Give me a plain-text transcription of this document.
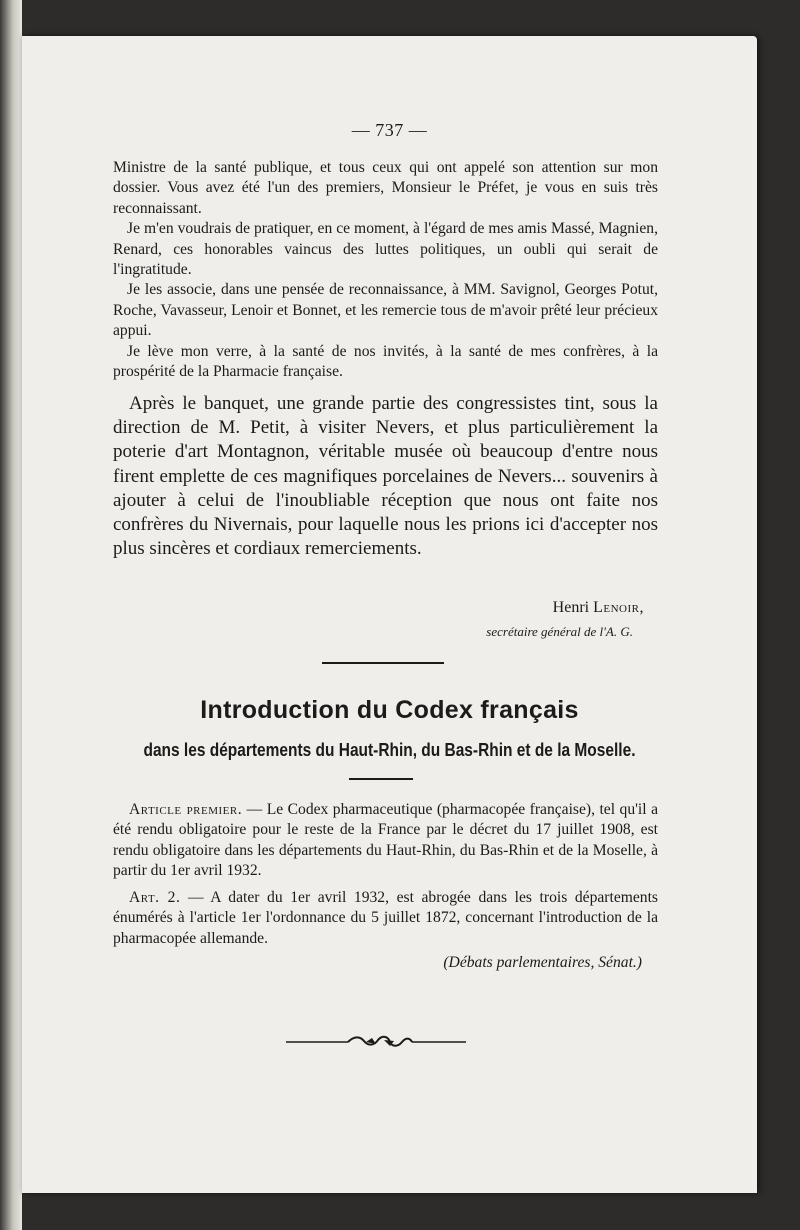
— 737 —

Ministre de la santé publique, et tous ceux qui ont appelé son attention sur mon dossier. Vous avez été l'un des premiers, Monsieur le Préfet, je vous en suis très reconnaissant.

Je m'en voudrais de pratiquer, en ce moment, à l'égard de mes amis Massé, Magnien, Renard, ces honorables vaincus des luttes politiques, un oubli qui serait de l'ingratitude.

Je les associe, dans une pensée de reconnaissance, à MM. Savignol, Georges Potut, Roche, Vavasseur, Lenoir et Bonnet, et les remercie tous de m'avoir prêté leur précieux appui.

Je lève mon verre, à la santé de nos invités, à la santé de mes confrères, à la prospérité de la Pharmacie française.

Après le banquet, une grande partie des congressistes tint, sous la direction de M. Petit, à visiter Nevers, et plus particulièrement la poterie d'art Montagnon, véritable musée où beaucoup d'entre nous firent emplette de ces magnifiques porcelaines de Nevers... souvenirs à ajouter à celui de l'inoubliable réception que nous ont faite nos confrères du Nivernais, pour laquelle nous les prions ici d'accepter nos plus sincères et cordiaux remerciements.

Henri Lenoir,
secrétaire général de l'A. G.
Introduction du Codex français
dans les départements du Haut-Rhin, du Bas-Rhin et de la Moselle.

Article premier. — Le Codex pharmaceutique (pharmacopée française), tel qu'il a été rendu obligatoire pour le reste de la France par le décret du 17 juillet 1908, est rendu obligatoire dans les départements du Haut-Rhin, du Bas-Rhin et de la Moselle, à partir du 1er avril 1932.

Art. 2. — A dater du 1er avril 1932, est abrogée dans les trois départements énumérés à l'article 1er l'ordonnance du 5 juillet 1872, concernant l'introduction de la pharmacopée allemande.

(Débats parlementaires, Sénat.)
